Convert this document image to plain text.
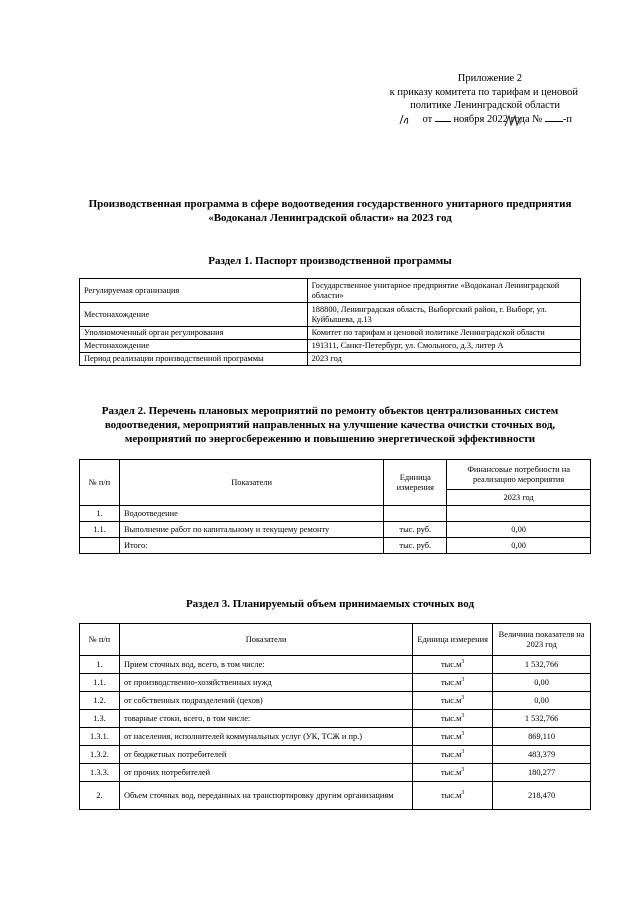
Приложение 2
к приказу комитета по тарифам и ценовой
политике Ленинградской области
от ноября 2022 года № -п
Производственная программа в сфере водоотведения государственного унитарного предприятия «Водоканал Ленинградской области» на 2023 год
Раздел 1. Паспорт производственной программы
Регулируемая организация	Государственное унитарное предприятие «Водоканал Ленинградской области»
Местонахождение	188800, Ленинградская область, Выборгский район, г. Выборг, ул. Куйбышева, д.13
Уполномоченный орган регулирования	Комитет по тарифам и ценовой политике Ленинградской области
Местонахождение	191311, Санкт-Петербург, ул. Смольного, д.3, литер А
Период реализации производственной программы	2023 год
Раздел 2. Перечень плановых мероприятий по ремонту объектов централизованных систем водоотведения, мероприятий направленных на улучшение качества очистки сточных вод, мероприятий по энергосбережению и повышению энергетической эффективности
№ п/п	Показатели	Единица измерения	Финансовые потребности на реализацию мероприятия
			2023 год
1.	Водоотведение		
1.1.	Выполнение работ по капитальному и текущему ремонту	тыс. руб.	0,00
	Итого:	тыс. руб.	0,00
Раздел 3. Планируемый объем принимаемых сточных вод
№ п/п	Показатели	Единица измерения	Величина показателя на 2023 год
1.	Прием сточных вод, всего, в том числе:	$тыс.м^3$	1 532,766
1.1.	от производственно-хозяйственных нужд	$тыс.м^3$	0,00
1.2.	от собственных подразделений (цехов)	$тыс.м^3$	0,00
1.3.	товарные стоки, всего, в том числе:	$тыс.м^3$	1 532,766
1.3.1.	от населения, исполнителей коммунальных услуг (УК, ТСЖ и пр.)	$тыс.м^3$	869,110
1.3.2.	от бюджетных потребителей	$тыс.м^3$	483,379
1.3.3.	от прочих потребителей	$тыс.м^3$	180,277
2.	Объем сточных вод, переданных на транспортировку другим организациям	$тыс.м^3$	218,470
